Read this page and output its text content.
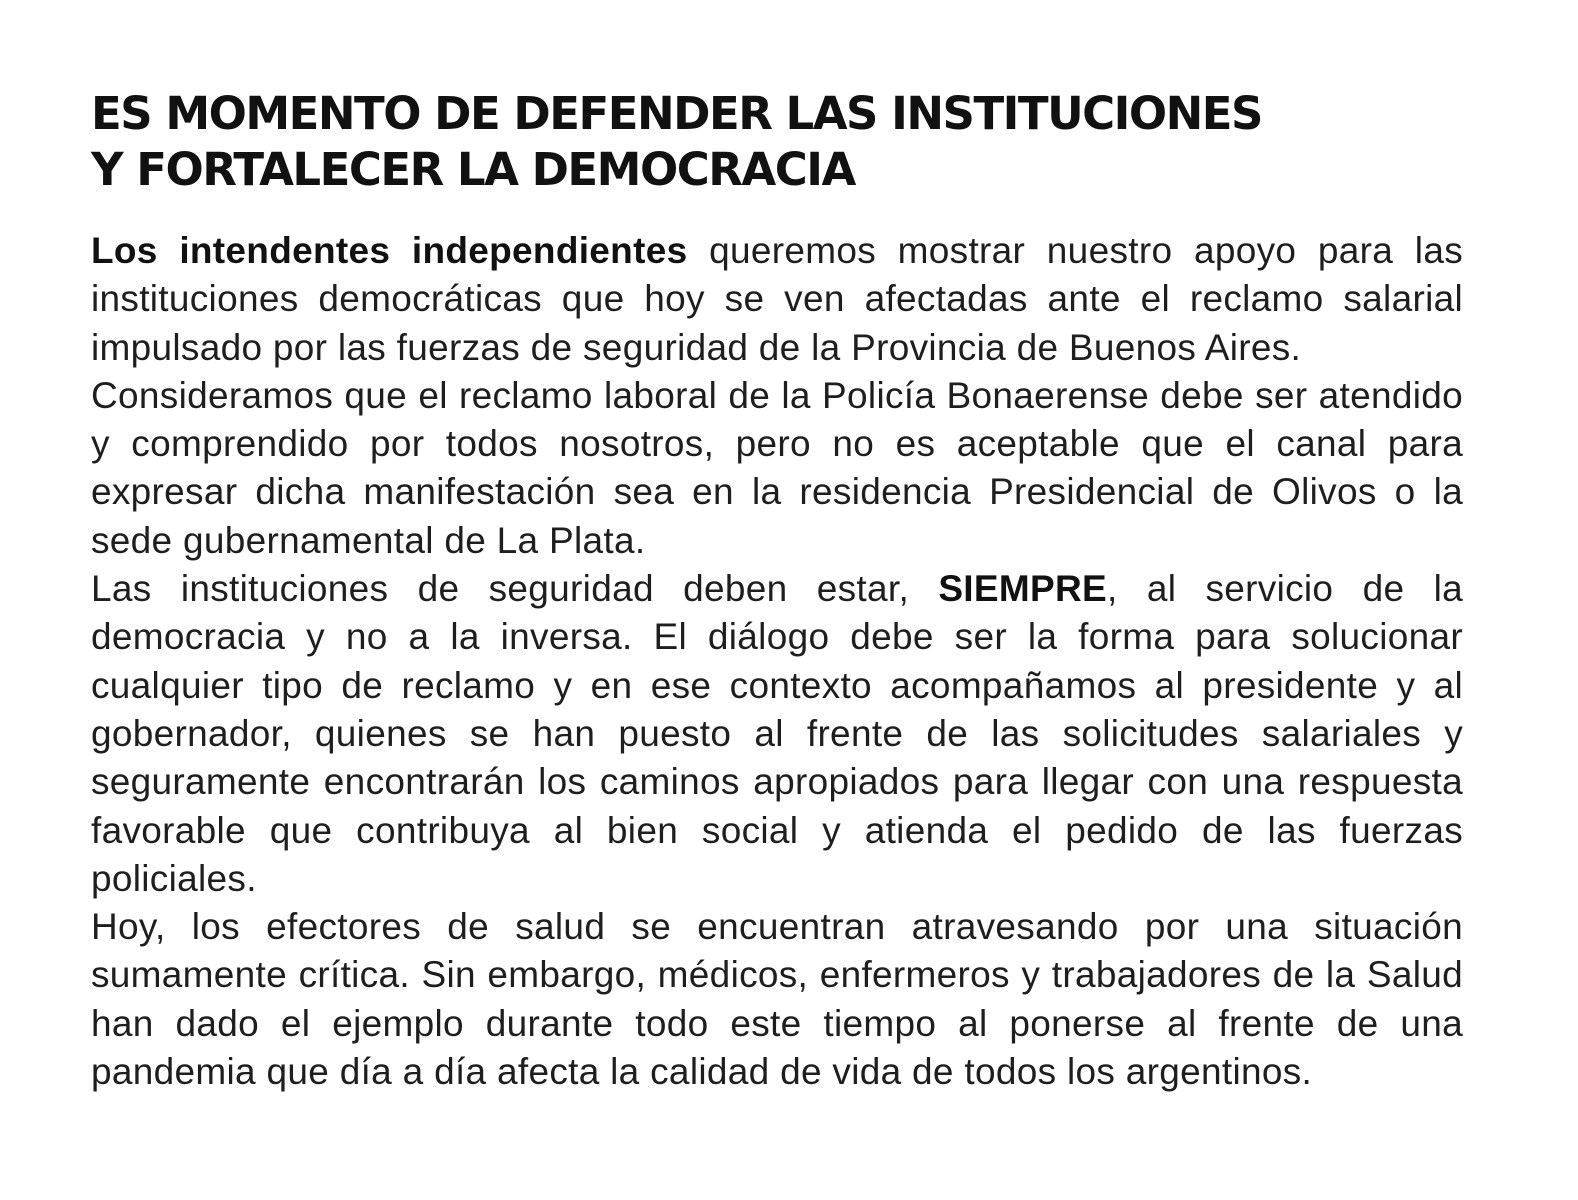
ES MOMENTO DE DEFENDER LAS INSTITUCIONES
Y FORTALECER LA DEMOCRACIA

Los intendentes independientes queremos mostrar nuestro apoyo para las instituciones democráticas que hoy se ven afectadas ante el reclamo salarial impulsado por las fuerzas de seguridad de la Provincia de Buenos Aires.

Consideramos que el reclamo laboral de la Policía Bonaerense debe ser atendido y comprendido por todos nosotros, pero no es aceptable que el canal para expresar dicha manifestación sea en la residencia Presidencial de Olivos o la sede gubernamental de La Plata.

Las instituciones de seguridad deben estar, SIEMPRE, al servicio de la democracia y no a la inversa. El diálogo debe ser la forma para solucionar cualquier tipo de reclamo y en ese contexto acompañamos al presidente y al gobernador, quienes se han puesto al frente de las solicitudes salariales y seguramente encontrarán los caminos apropiados para llegar con una respuesta favorable que contribuya al bien social y atienda el pedido de las fuerzas policiales.

Hoy, los efectores de salud se encuentran atravesando por una situación sumamente crítica. Sin embargo, médicos, enfermeros y trabajadores de la Salud han dado el ejemplo durante todo este tiempo al ponerse al frente de una pandemia que día a día afecta la calidad de vida de todos los argentinos.
